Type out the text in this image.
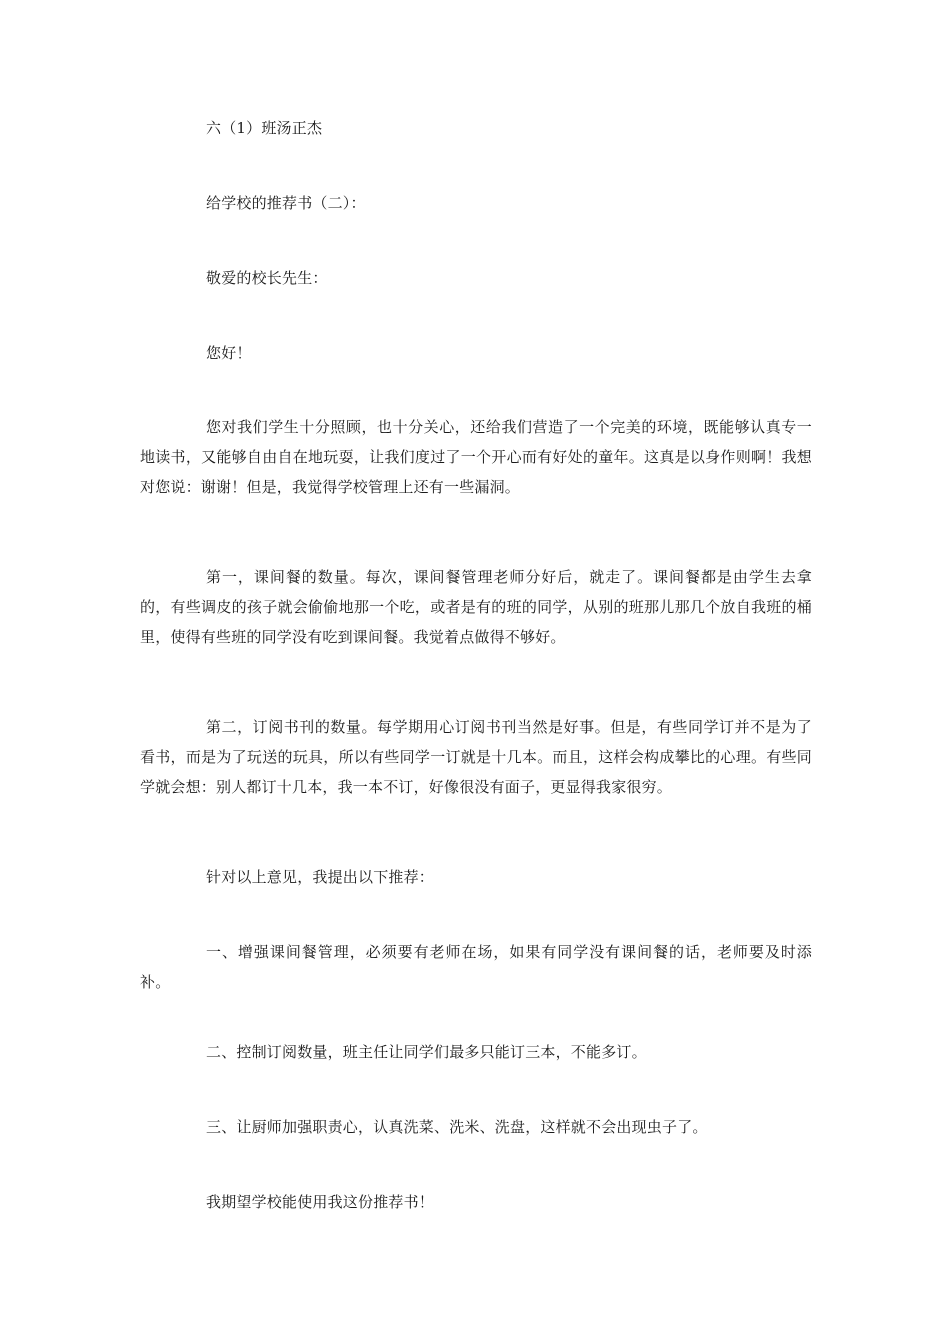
六（1）班汤正杰

给学校的推荐书（二）：

敬爱的校长先生：

您好！

您对我们学生十分照顾，也十分关心，还给我们营造了一个完美的环境，既能够认真专一地读书，又能够自由自在地玩耍，让我们度过了一个开心而有好处的童年。这真是以身作则啊！我想对您说：谢谢！但是，我觉得学校管理上还有一些漏洞。

第一，课间餐的数量。每次，课间餐管理老师分好后，就走了。课间餐都是由学生去拿的，有些调皮的孩子就会偷偷地那一个吃，或者是有的班的同学，从别的班那儿那几个放自我班的桶里，使得有些班的同学没有吃到课间餐。我觉着点做得不够好。

第二，订阅书刊的数量。每学期用心订阅书刊当然是好事。但是，有些同学订并不是为了看书，而是为了玩送的玩具，所以有些同学一订就是十几本。而且，这样会构成攀比的心理。有些同学就会想：别人都订十几本，我一本不订，好像很没有面子，更显得我家很穷。

针对以上意见，我提出以下推荐：

一、增强课间餐管理，必须要有老师在场，如果有同学没有课间餐的话，老师要及时添补。

二、控制订阅数量，班主任让同学们最多只能订三本，不能多订。

三、让厨师加强职责心，认真洗菜、洗米、洗盘，这样就不会出现虫子了。

我期望学校能使用我这份推荐书！
